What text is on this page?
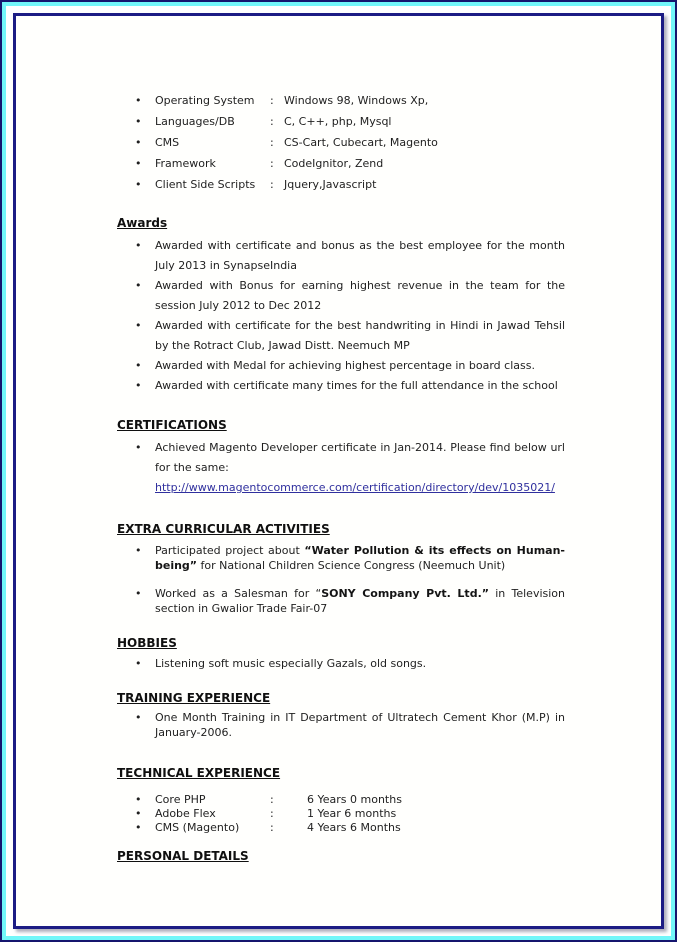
•	Operating System	: Windows 98, Windows Xp,
•	Languages/DB	: C, C++, php, Mysql
•	CMS	: CS-Cart, Cubecart, Magento
•	Framework	: CodeIgnitor, Zend
•	Client Side Scripts	: Jquery,Javascript
Awards
•	Awarded with certificate and bonus as the best employee for the month July 2013 in SynapseIndia
•	Awarded with Bonus for earning highest revenue in the team for the session July 2012 to Dec 2012
•	Awarded with certificate for the best handwriting in Hindi in Jawad Tehsil by the Rotract Club, Jawad Distt. Neemuch MP
•	Awarded with Medal for achieving highest percentage in board class.
•	Awarded with certificate many times for the full attendance in the school
CERTIFICATIONS
•	Achieved Magento Developer certificate in Jan-2014. Please find below url for the same:
http://www.magentocommerce.com/certification/directory/dev/1035021/
EXTRA CURRICULAR ACTIVITIES
•	Participated project about “Water Pollution & its effects on Human-being” for National Children Science Congress (Neemuch Unit)
•	Worked as a Salesman for “SONY Company Pvt. Ltd.” in Television section in Gwalior Trade Fair-07
HOBBIES
•	Listening soft music especially Gazals, old songs.
TRAINING EXPERIENCE
•	One Month Training in IT Department of Ultratech Cement Khor (M.P) in January-2006.
TECHNICAL EXPERIENCE
•	Core PHP	:	6 Years 0 months
•	Adobe Flex	:	1 Year 6 months
•	CMS (Magento)	:	4 Years 6 Months
PERSONAL DETAILS
